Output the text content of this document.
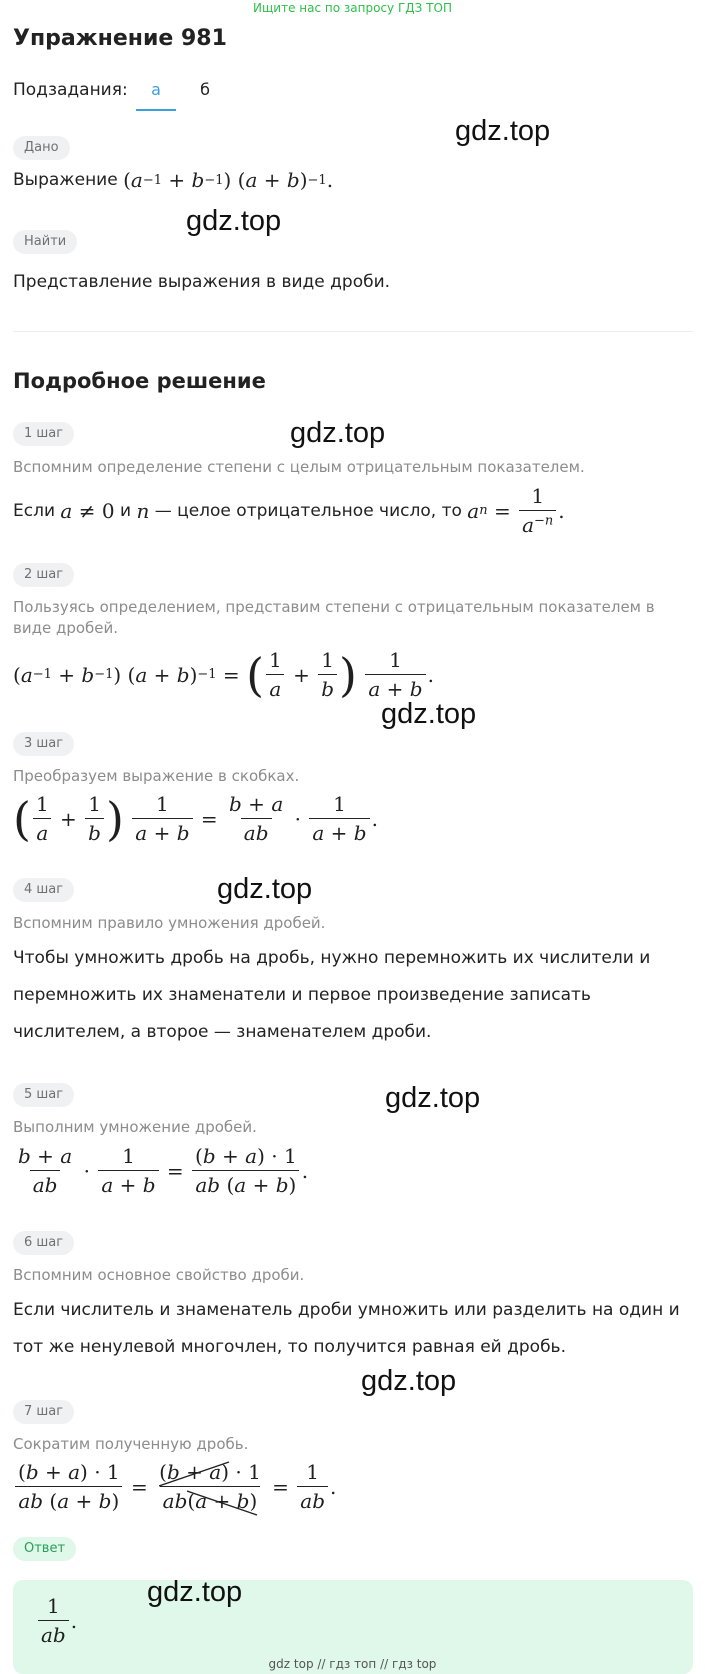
Ищите нас по запросу ГДЗ ТОП
Упражнение 981
Подзадания:	а	б
Дано
gdz.top
Выражение
( a −1 + b −1 ) ( a + b ) −1 .
gdz.top
Найти
Представление выражения в виде дроби.
Подробное решение
1 шаг	gdz.top
Вспомним определение степени с целым отрицательным показателем.
Если
a ≠ 0
и
n
— целое отрицательное число, то
a $n = \frac{1}{a^{-n}}$ .
2 шаг
Пользуясь определением, представим степени с отрицательным показателем в виде дробей.
( a −1 + b −1 ) ( a + b ) −1 = ( $\frac{1}{a} + \frac{1}{b}$ )
$\frac{1}{a + b}$ .
gdz.top
3 шаг
Преобразуем выражение в скобках.
( $\frac{1}{a} + \frac{1}{b}$ )
$\frac{1}{a + b} = \frac{b + a}{ab} \cdot \frac{1}{a + b}$ .
4 шаг	gdz.top
Вспомним правило умножения дробей.
Чтобы умножить дробь на дробь, нужно перемножить их числители и перемножить их знаменатели и первое произведение записать числителем, а второе — знаменателем дроби.
gdz.top
5 шаг
Выполним умножение дробей.
$\frac{b + a}{ab} \cdot \frac{1}{a + b} = \frac{(b + a) \cdot 1}{ab (a + b)}$ .
6 шаг
Вспомним основное свойство дроби.
Если числитель и знаменатель дроби умножить или разделить на один и тот же ненулевой многочлен, то получится равная ей дробь.
gdz.top
7 шаг
Сократим полученную дробь.
$\frac{(b + a) \cdot 1}{ab (a + b)} = (b + a)$
· 1
$ab(a + b) = \frac{1}{ab}$ .
Ответ
$\frac{1}{ab}$ .
gdz.top
gdz top // гдз топ // гдз top
